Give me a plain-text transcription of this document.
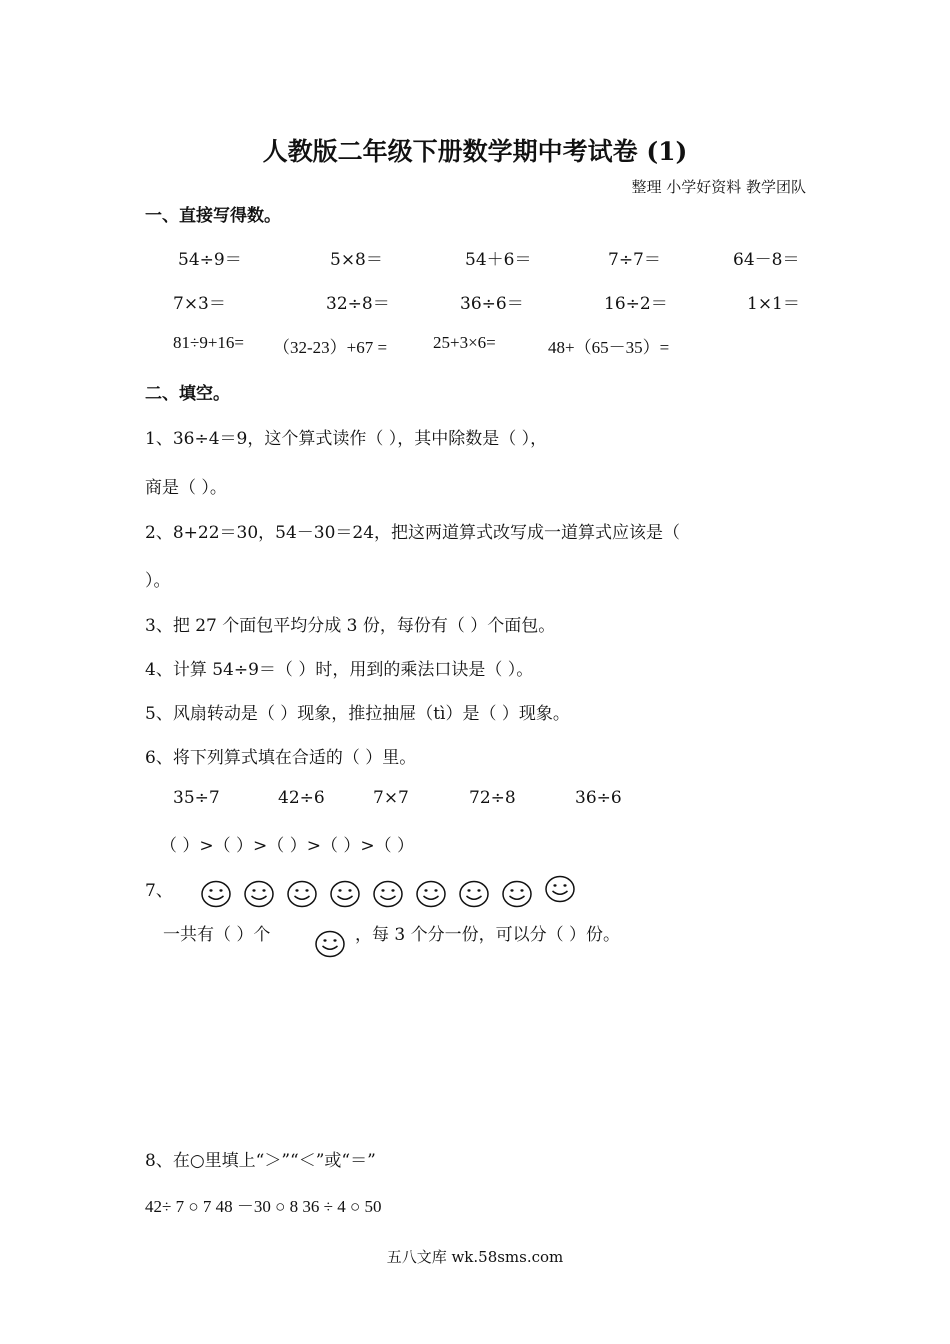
人教版二年级下册数学期中考试卷 (1)
整理 小学好资料 教学团队
一、直接写得数。
54÷9＝	5×8＝	54＋6＝	7÷7＝	64－8＝
7×3＝	32÷8＝	36÷6＝	16÷2＝	1×1＝
81÷9+16= （32-23）+67 =	25+3×6=	48+（65－35）=
二、填空。
1、36÷4＝9，这个算式读作（ ），其中除数是（ ），
商是（ ）。
2、8+22＝30，54－30＝24，把这两道算式改写成一道算式应该是（
）。
3、把 27 个面包平均分成 3 份，每份有（ ）个面包。
4、计算 54÷9＝（ ）时，用到的乘法口诀是（ ）。
5、风扇转动是（ ）现象，推拉抽屉（tì）是（ ）现象。
6、将下列算式填在合适的（ ）里。
35÷7	42÷6	7×7	72÷8	36÷6
（ ）>（ ）>（ ）>（ ）>（ ）
7、
一共有（ ）个	，每 3 个分一份，可以分（ ）份。
8、在○里填上“＞”“＜”或“＝”
42÷ 7 ○ 7 48 －30 ○ 8 36 ÷ 4 ○ 50
五八文库 wk.58sms.com
